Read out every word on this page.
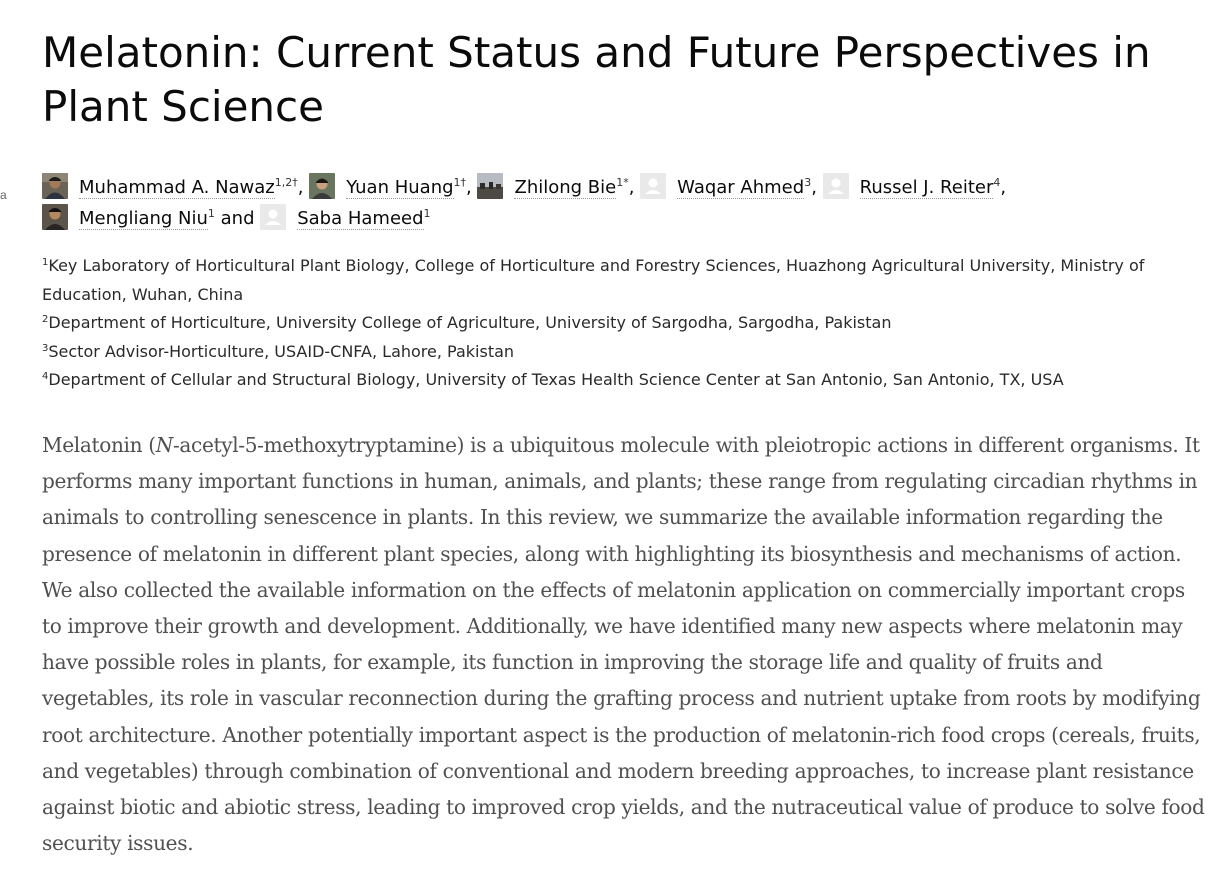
a
Melatonin: Current Status and Future Perspectives in Plant Science
Muhammad A. Nawaz$^{1,2\dagger}$,
Yuan Huang$^{1\dagger}$,
Zhilong Bie$^{1*}$,
Waqar Ahmed$^3$,
Russel J. Reiter$^4$,
Mengliang Niu$^1$ and
Saba Hameed$^1$
$^1$Key Laboratory of Horticultural Plant Biology, College of Horticulture and Forestry Sciences, Huazhong Agricultural University, Ministry of Education, Wuhan, China
$^2$Department of Horticulture, University College of Agriculture, University of Sargodha, Sargodha, Pakistan
$^3$Sector Advisor-Horticulture, USAID-CNFA, Lahore, Pakistan
$^4$Department of Cellular and Structural Biology, University of Texas Health Science Center at San Antonio, San Antonio, TX, USA

Melatonin (N-acetyl-5-methoxytryptamine) is a ubiquitous molecule with pleiotropic actions in different organisms. It performs many important functions in human, animals, and plants; these range from regulating circadian rhythms in animals to controlling senescence in plants. In this review, we summarize the available information regarding the presence of melatonin in different plant species, along with highlighting its biosynthesis and mechanisms of action. We also collected the available information on the effects of melatonin application on commercially important crops to improve their growth and development. Additionally, we have identified many new aspects where melatonin may have possible roles in plants, for example, its function in improving the storage life and quality of fruits and vegetables, its role in vascular reconnection during the grafting process and nutrient uptake from roots by modifying root architecture. Another potentially important aspect is the production of melatonin-rich food crops (cereals, fruits, and vegetables) through combination of conventional and modern breeding approaches, to increase plant resistance against biotic and abiotic stress, leading to improved crop yields, and the nutraceutical value of produce to solve food security issues.
